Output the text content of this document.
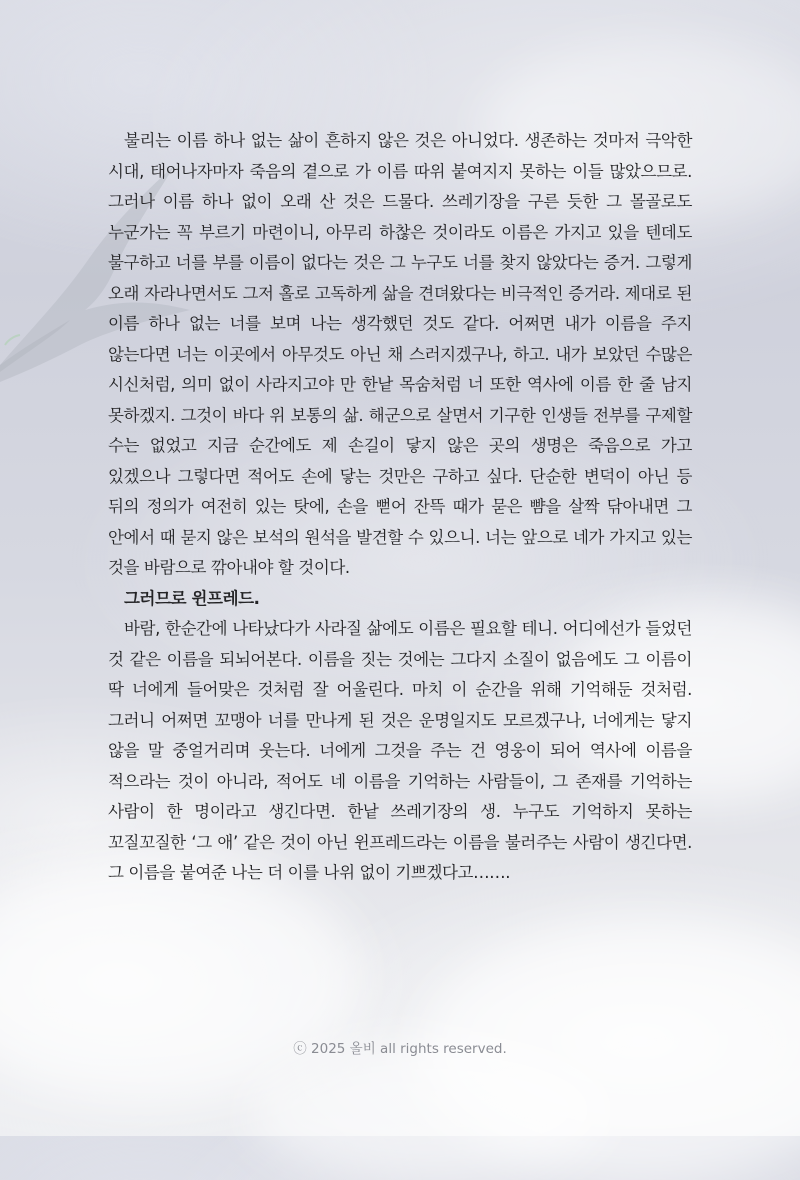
불리는 이름 하나 없는 삶이 흔하지 않은 것은 아니었다. 생존하는 것마저 극악한 시대, 태어나자마자 죽음의 곁으로 가 이름 따위 붙여지지 못하는 이들 많았으므로. 그러나 이름 하나 없이 오래 산 것은 드물다. 쓰레기장을 구른 듯한 그 몰골로도 누군가는 꼭 부르기 마련이니, 아무리 하찮은 것이라도 이름은 가지고 있을 텐데도 불구하고 너를 부를 이름이 없다는 것은 그 누구도 너를 찾지 않았다는 증거. 그렇게 오래 자라나면서도 그저 홀로 고독하게 삶을 견뎌왔다는 비극적인 증거라. 제대로 된 이름 하나 없는 너를 보며 나는 생각했던 것도 같다. 어쩌면 내가 이름을 주지 않는다면 너는 이곳에서 아무것도 아닌 채 스러지겠구나, 하고. 내가 보았던 수많은 시신처럼, 의미 없이 사라지고야 만 한낱 목숨처럼 너 또한 역사에 이름 한 줄 남지 못하겠지. 그것이 바다 위 보통의 삶. 해군으로 살면서 기구한 인생들 전부를 구제할 수는 없었고 지금 순간에도 제 손길이 닿지 않은 곳의 생명은 죽음으로 가고 있겠으나 그렇다면 적어도 손에 닿는 것만은 구하고 싶다. 단순한 변덕이 아닌 등 뒤의 정의가 여전히 있는 탓에, 손을 뻗어 잔뜩 때가 묻은 뺨을 살짝 닦아내면 그 안에서 때 묻지 않은 보석의 원석을 발견할 수 있으니. 너는 앞으로 네가 가지고 있는 것을 바람으로 깎아내야 할 것이다.

그러므로 윈프레드.

바람, 한순간에 나타났다가 사라질 삶에도 이름은 필요할 테니. 어디에선가 들었던 것 같은 이름을 되뇌어본다. 이름을 짓는 것에는 그다지 소질이 없음에도 그 이름이 딱 너에게 들어맞은 것처럼 잘 어울린다. 마치 이 순간을 위해 기억해둔 것처럼. 그러니 어쩌면 꼬맹아 너를 만나게 된 것은 운명일지도 모르겠구나, 너에게는 닿지 않을 말 중얼거리며 웃는다. 너에게 그것을 주는 건 영웅이 되어 역사에 이름을 적으라는 것이 아니라, 적어도 네 이름을 기억하는 사람들이, 그 존재를 기억하는 사람이 한 명이라고 생긴다면. 한낱 쓰레기장의 생. 누구도 기억하지 못하는 꼬질꼬질한 ‘그 애’ 같은 것이 아닌 윈프레드라는 이름을 불러주는 사람이 생긴다면. 그 이름을 붙여준 나는 더 이를 나위 없이 기쁘겠다고…….

ⓒ 2025 올비 all rights reserved.
